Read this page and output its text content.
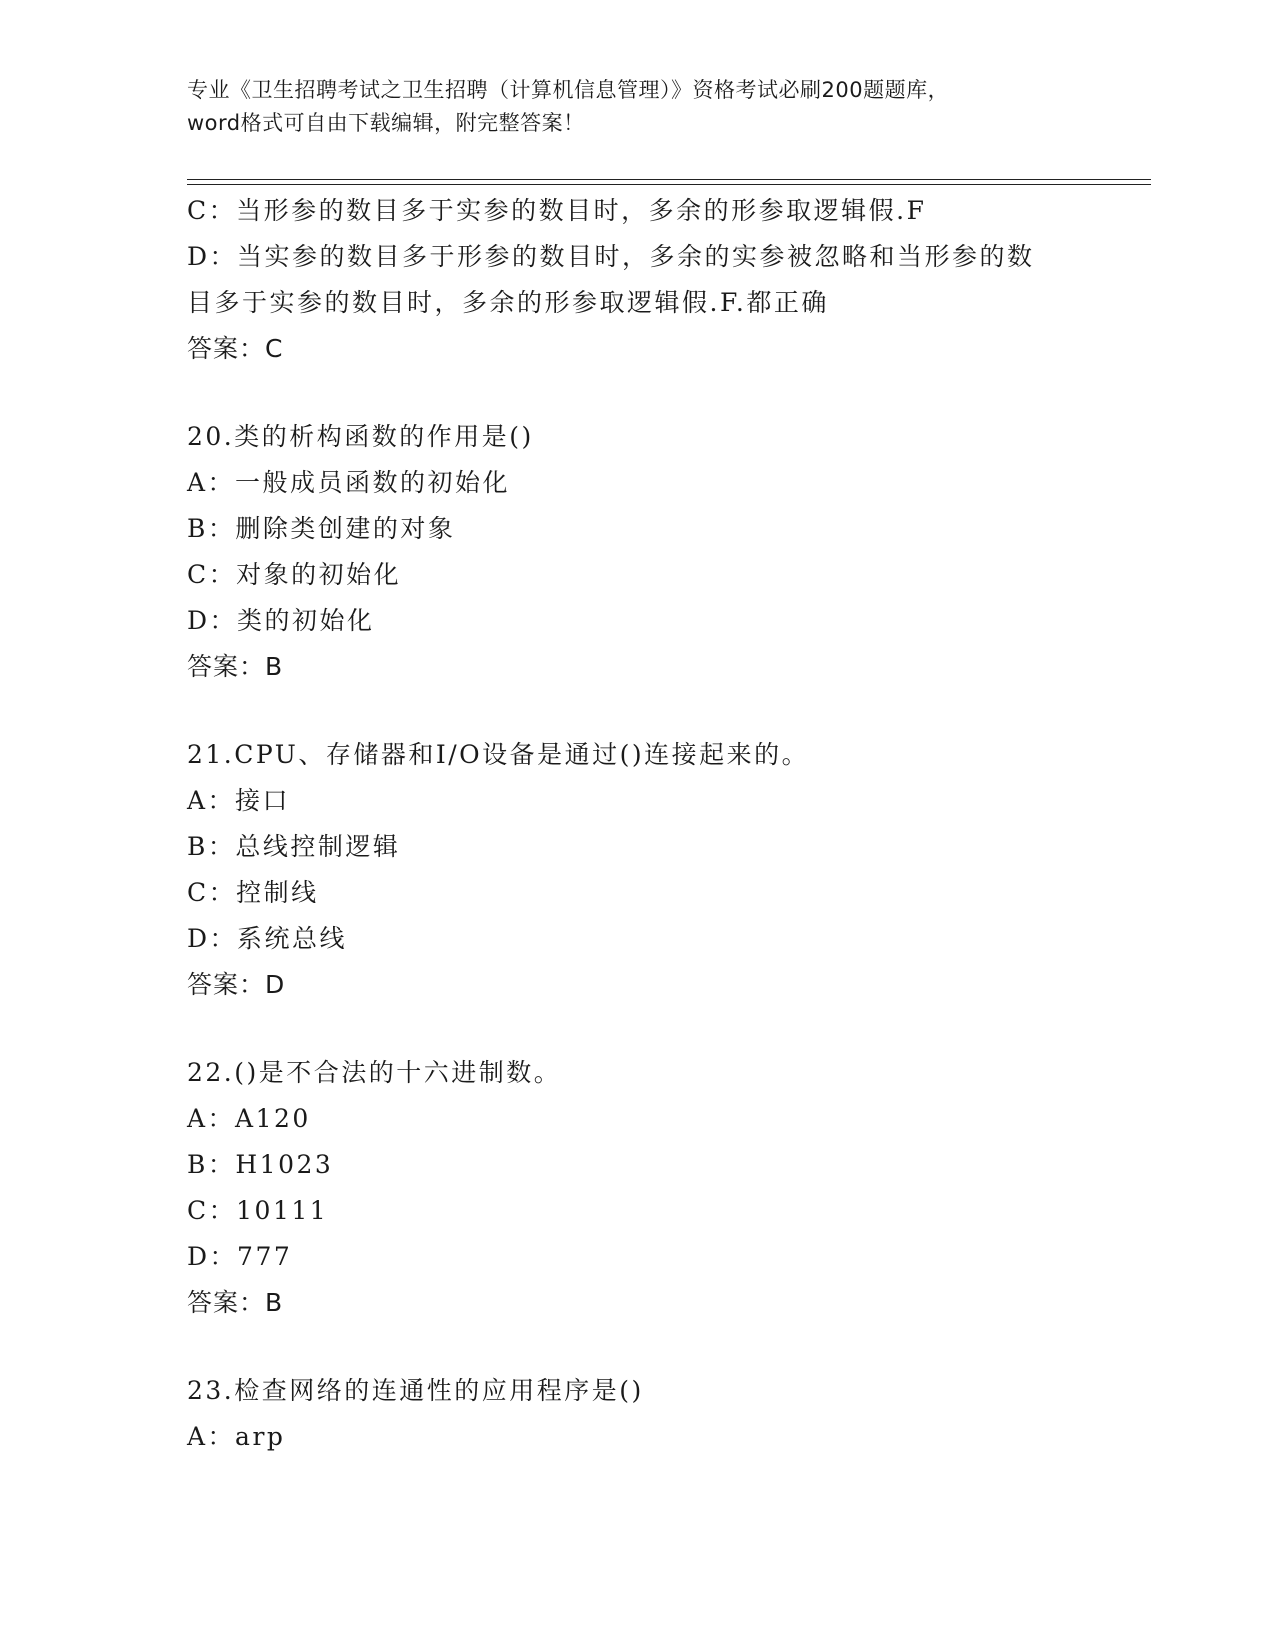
专业《卫生招聘考试之卫生招聘（计算机信息管理）》资格考试必刷200题题库，
word格式可自由下载编辑，附完整答案！
C：当形参的数目多于实参的数目时，多余的形参取逻辑假.F
D：当实参的数目多于形参的数目时，多余的实参被忽略和当形参的数
目多于实参的数目时，多余的形参取逻辑假.F.都正确
答案：C
20.类的析构函数的作用是()
A：一般成员函数的初始化
B：删除类创建的对象
C：对象的初始化
D：类的初始化
答案：B
21.CPU、存储器和I/O设备是通过()连接起来的。
A：接口
B：总线控制逻辑
C：控制线
D：系统总线
答案：D
22.()是不合法的十六进制数。
A：A120
B：H1023
C：10111
D：777
答案：B
23.检查网络的连通性的应用程序是()
A：arp
